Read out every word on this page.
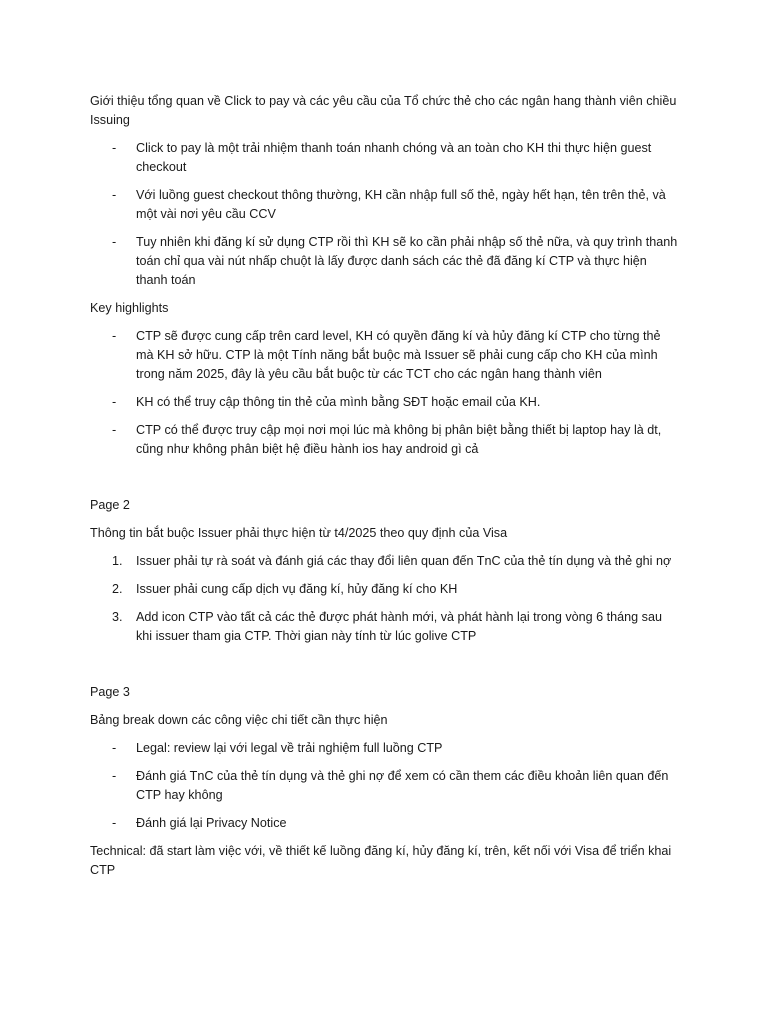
Giới thiệu tổng quan về Click to pay và các yêu cầu của Tổ chức thẻ cho các ngân hang thành viên chiều Issuing

- Click to pay là một trải nhiệm thanh toán nhanh chóng và an toàn cho KH thi thực hiện guest checkout
- Với luồng guest checkout thông thường, KH cần nhập full số thẻ, ngày hết hạn, tên trên thẻ, và một vài nơi yêu cầu CCV
- Tuy nhiên khi đăng kí sử dụng CTP rồi thì KH sẽ ko cần phải nhập số thẻ nữa, và quy trình thanh toán chỉ qua vài nút nhấp chuột là lấy được danh sách các thẻ đã đăng kí CTP và thực hiện thanh toán

Key highlights

- CTP sẽ được cung cấp trên card level, KH có quyền đăng kí và hủy đăng kí CTP cho từng thẻ mà KH sở hữu. CTP là một Tính năng bắt buộc mà Issuer sẽ phải cung cấp cho KH của mình trong năm 2025, đây là yêu cầu bắt buộc từ các TCT cho các ngân hang thành viên
- KH có thể truy cập thông tin thẻ của mình bằng SĐT hoặc email của KH.
- CTP có thể được truy cập mọi nơi mọi lúc mà không bị phân biệt bằng thiết bị laptop hay là dt, cũng như không phân biệt hệ điều hành ios hay android gì cả

Page 2

Thông tin bắt buộc Issuer phải thực hiện từ t4/2025 theo quy định của Visa

1. Issuer phải tự rà soát và đánh giá các thay đổi liên quan đến TnC của thẻ tín dụng và thẻ ghi nợ
2. Issuer phải cung cấp dịch vụ đăng kí, hủy đăng kí cho KH
3. Add icon CTP vào tất cả các thẻ được phát hành mới, và phát hành lại trong vòng 6 tháng sau khi issuer tham gia CTP. Thời gian này tính từ lúc golive CTP

Page 3

Bảng break down các công việc chi tiết cần thực hiện

- Legal: review lại với legal về trải nghiệm full luồng CTP
- Đánh giá TnC của thẻ tín dụng và thẻ ghi nợ để xem có cần them các điều khoản liên quan đến CTP hay không
- Đánh giá lại Privacy Notice

Technical: đã start làm việc với, về thiết kế luồng đăng kí, hủy đăng kí, trên, kết nối với Visa để triển khai CTP
